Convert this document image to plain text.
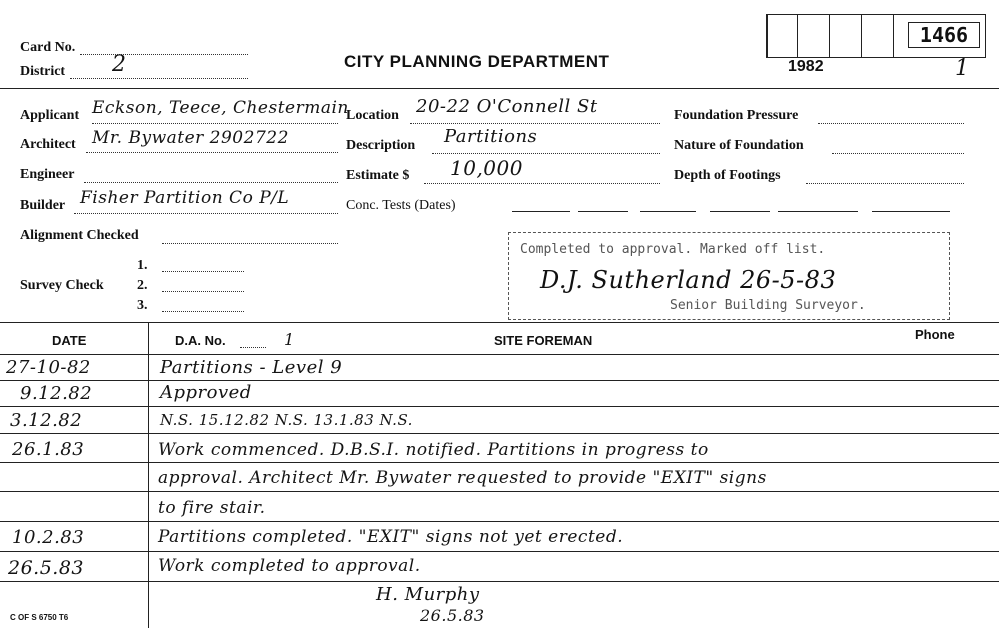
Card No.
District 2	CITY PLANNING DEPARTMENT	1982	1
1466
Applicant Eckson, Teece, Chestermain
Architect Mr. Bywater 2902722
Engineer
Builder Fisher Partition Co P/L
Alignment Checked
Survey Check
1.
2.
3.
Location 20-22 O'Connell St
Description Partitions
Estimate $ 10,000
Conc. Tests (Dates)
Foundation Pressure
Nature of Foundation
Depth of Footings
Completed to approval. Marked off list.
D.J. Sutherland 26-5-83
Senior Building Surveyor.
DATE	D.A. No.	1	SITE FOREMAN	Phone
27-10-82	Partitions - Level 9
9.12.82	Approved
3.12.82	N.S. 15.12.82 N.S. 13.1.83 N.S.
26.1.83	Work commenced. D.B.S.I. notified. Partitions in progress to
approval. Architect Mr. Bywater requested to provide "EXIT" signs
to fire stair.
10.2.83	Partitions completed. "EXIT" signs not yet erected.
26.5.83	Work completed to approval.
H. Murphy
26.5.83
C OF S 6750 T6
